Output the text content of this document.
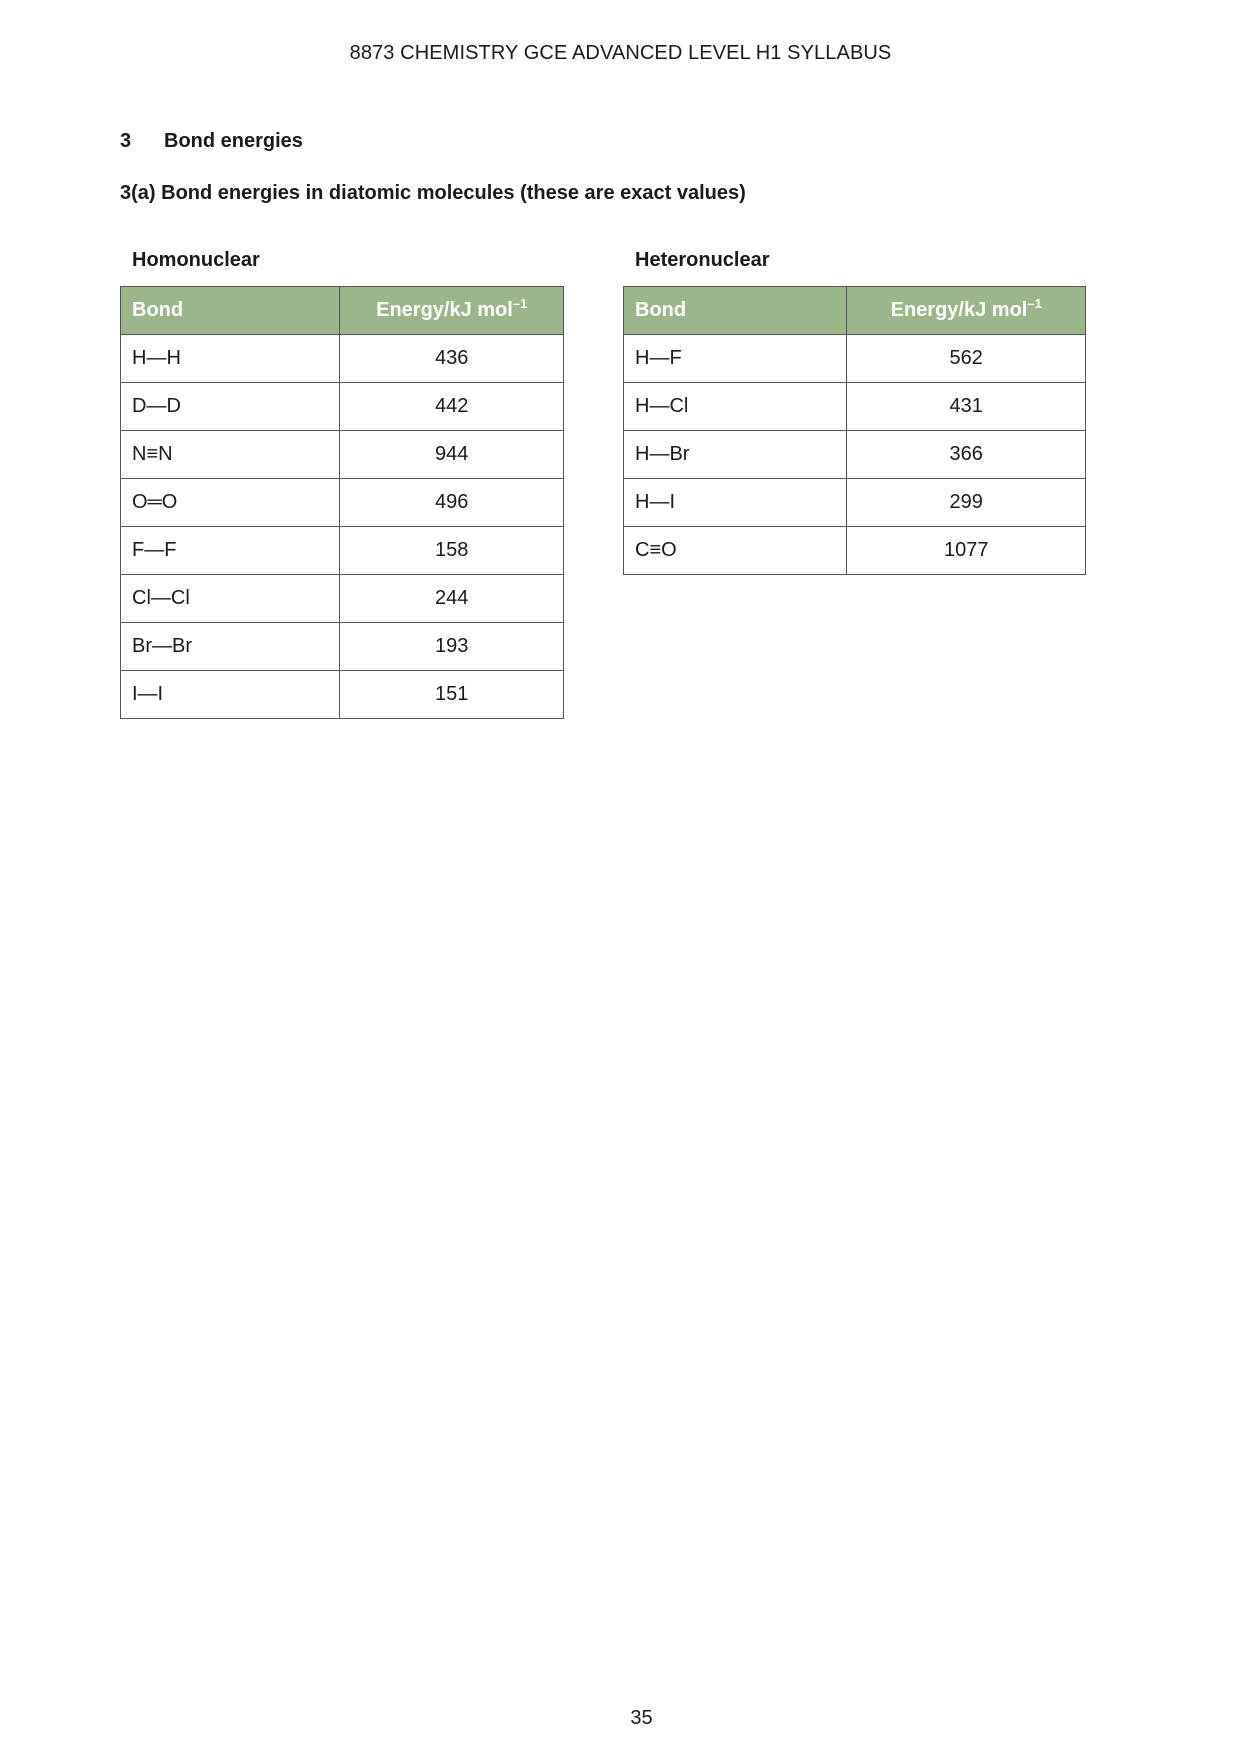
8873 CHEMISTRY GCE ADVANCED LEVEL H1 SYLLABUS
3 Bond energies
3(a) Bond energies in diatomic molecules (these are exact values)
Homonuclear
Bond	Energy/kJ mol$^{-1}$
H—H	436
D—D	442
N≡N	944
O═O	496
F—F	158
Cl—Cl	244
Br—Br	193
I—I	151
Heteronuclear
Bond	Energy/kJ mol$^{-1}$
H—F	562
H—Cl	431
H—Br	366
H—I	299
C≡O	1077
35
